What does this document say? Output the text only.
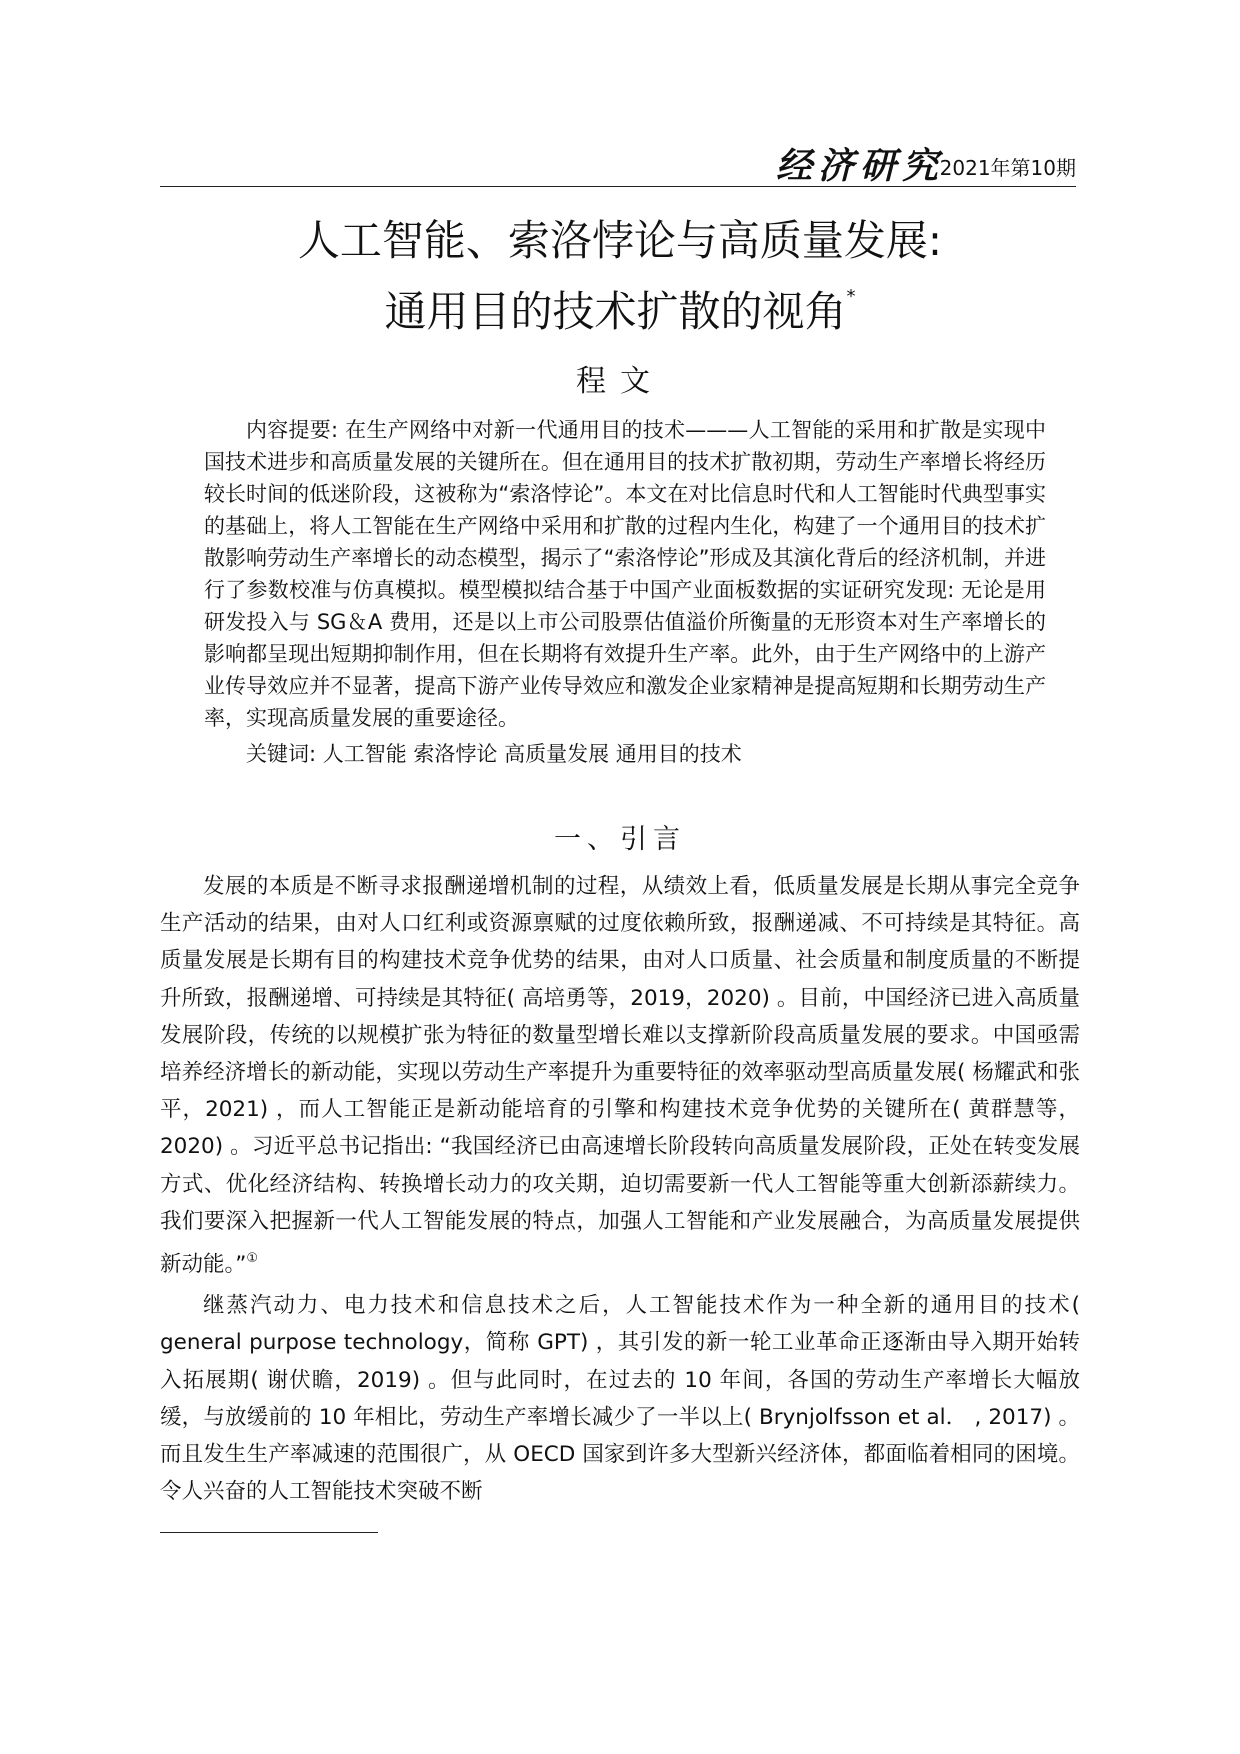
经济研究
2021年第10期
人工智能、索洛悖论与高质量发展:
通用目的技术扩散的视角*
程文

内容提要: 在生产网络中对新一代通用目的技术———人工智能的采用和扩散是实现中国技术进步和高质量发展的关键所在。但在通用目的技术扩散初期，劳动生产率增长将经历较长时间的低迷阶段，这被称为“索洛悖论”。本文在对比信息时代和人工智能时代典型事实的基础上，将人工智能在生产网络中采用和扩散的过程内生化，构建了一个通用目的技术扩散影响劳动生产率增长的动态模型，揭示了“索洛悖论”形成及其演化背后的经济机制，并进行了参数校准与仿真模拟。模型模拟结合基于中国产业面板数据的实证研究发现: 无论是用研发投入与 SG＆A 费用，还是以上市公司股票估值溢价所衡量的无形资本对生产率增长的影响都呈现出短期抑制作用，但在长期将有效提升生产率。此外，由于生产网络中的上游产业传导效应并不显著，提高下游产业传导效应和激发企业家精神是提高短期和长期劳动生产率，实现高质量发展的重要途径。

关键词: 人工智能 索洛悖论 高质量发展 通用目的技术
一、引言

发展的本质是不断寻求报酬递增机制的过程，从绩效上看，低质量发展是长期从事完全竞争生产活动的结果，由对人口红利或资源禀赋的过度依赖所致，报酬递减、不可持续是其特征。高质量发展是长期有目的构建技术竞争优势的结果，由对人口质量、社会质量和制度质量的不断提升所致，报酬递增、可持续是其特征( 高培勇等，2019，2020) 。目前，中国经济已进入高质量发展阶段，传统的以规模扩张为特征的数量型增长难以支撑新阶段高质量发展的要求。中国亟需培养经济增长的新动能，实现以劳动生产率提升为重要特征的效率驱动型高质量发展( 杨耀武和张平，2021) ，而人工智能正是新动能培育的引擎和构建技术竞争优势的关键所在( 黄群慧等，2020) 。习近平总书记指出: “我国经济已由高速增长阶段转向高质量发展阶段，正处在转变发展方式、优化经济结构、转换增长动力的攻关期，迫切需要新一代人工智能等重大创新添薪续力。我们要深入把握新一代人工智能发展的特点，加强人工智能和产业发展融合，为高质量发展提供新动能。”①

继蒸汽动力、电力技术和信息技术之后，人工智能技术作为一种全新的通用目的技术( general purpose technology，简称 GPT) ，其引发的新一轮工业革命正逐渐由导入期开始转入拓展期( 谢伏瞻，2019) 。但与此同时，在过去的 10 年间，各国的劳动生产率增长大幅放缓，与放缓前的 10 年相比，劳动生产率增长减少了一半以上( Brynjolfsson et al． , 2017) 。而且发生生产率减速的范围很广，从 OECD 国家到许多大型新兴经济体，都面临着相同的困境。令人兴奋的人工智能技术突破不断
